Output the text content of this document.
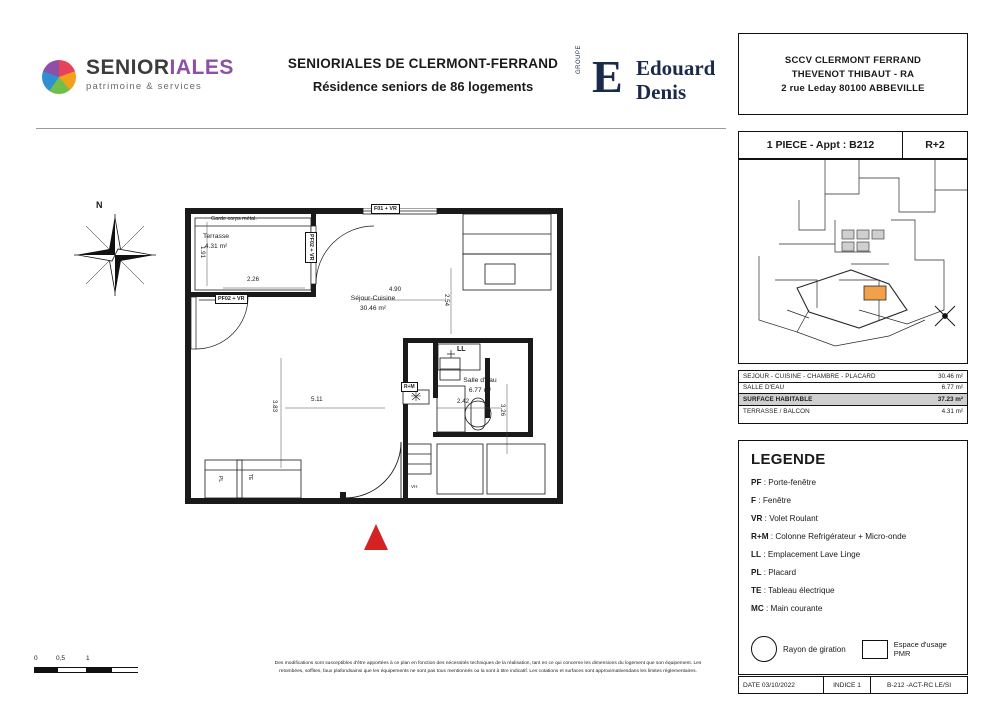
SENIORIALES
patrimoine & services
SENIORIALES DE CLERMONT-FERRAND
Résidence seniors de 86 logements
GROUPE E Edouard
Denis
SCCV CLERMONT FERRAND
THEVENOT THIBAUT - RA
2 rue Leday 80100 ABBEVILLE
1 PIECE - Appt : B212	R+2
SEJOUR - CUISINE - CHAMBRE - PLACARD	30.46 m²
SALLE D'EAU	6.77 m²
SURFACE HABITABLE	37.23 m²
TERRASSE / BALCON	4.31 m²
LEGENDE
PF : Porte-fenêtre
F : Fenêtre
VR : Volet Roulant
R+M : Colonne Refrigérateur + Micro-onde
LL : Emplacement Lave Linge
PL : Placard
TE : Tableau électrique
MC : Main courante
Rayon de giration
Espace d'usage
PMR
DATE 03/10/2022	INDICE 1	B-212 -ACT-RC LE/SI
N
Terrasse
4.31 m²
Séjour-Cuisine
30.46 m²
Salle d'eau
6.77 m²
Garde corps métal.
F01 + VR
PF02 + VR
PF02 + VR
R+M
LL
PL	TE
VH
1.91
2.26
4.90
2.54
5.11
3.83	2.42
3.26
0	0,5	1
Des modifications sont susceptibles d'être apportées à ce plan en fonction des nécessités techniques de la réalisation, tant en ce qui concerne les dimensions du logement que son équipement. Les retombées, soffites, faux plafondsainsi que les équipements ne sont pas tous mentionnés ou la sont à titre indicatif. Les cotations et surfaces sont approximativesdans les limites réglementaires.
